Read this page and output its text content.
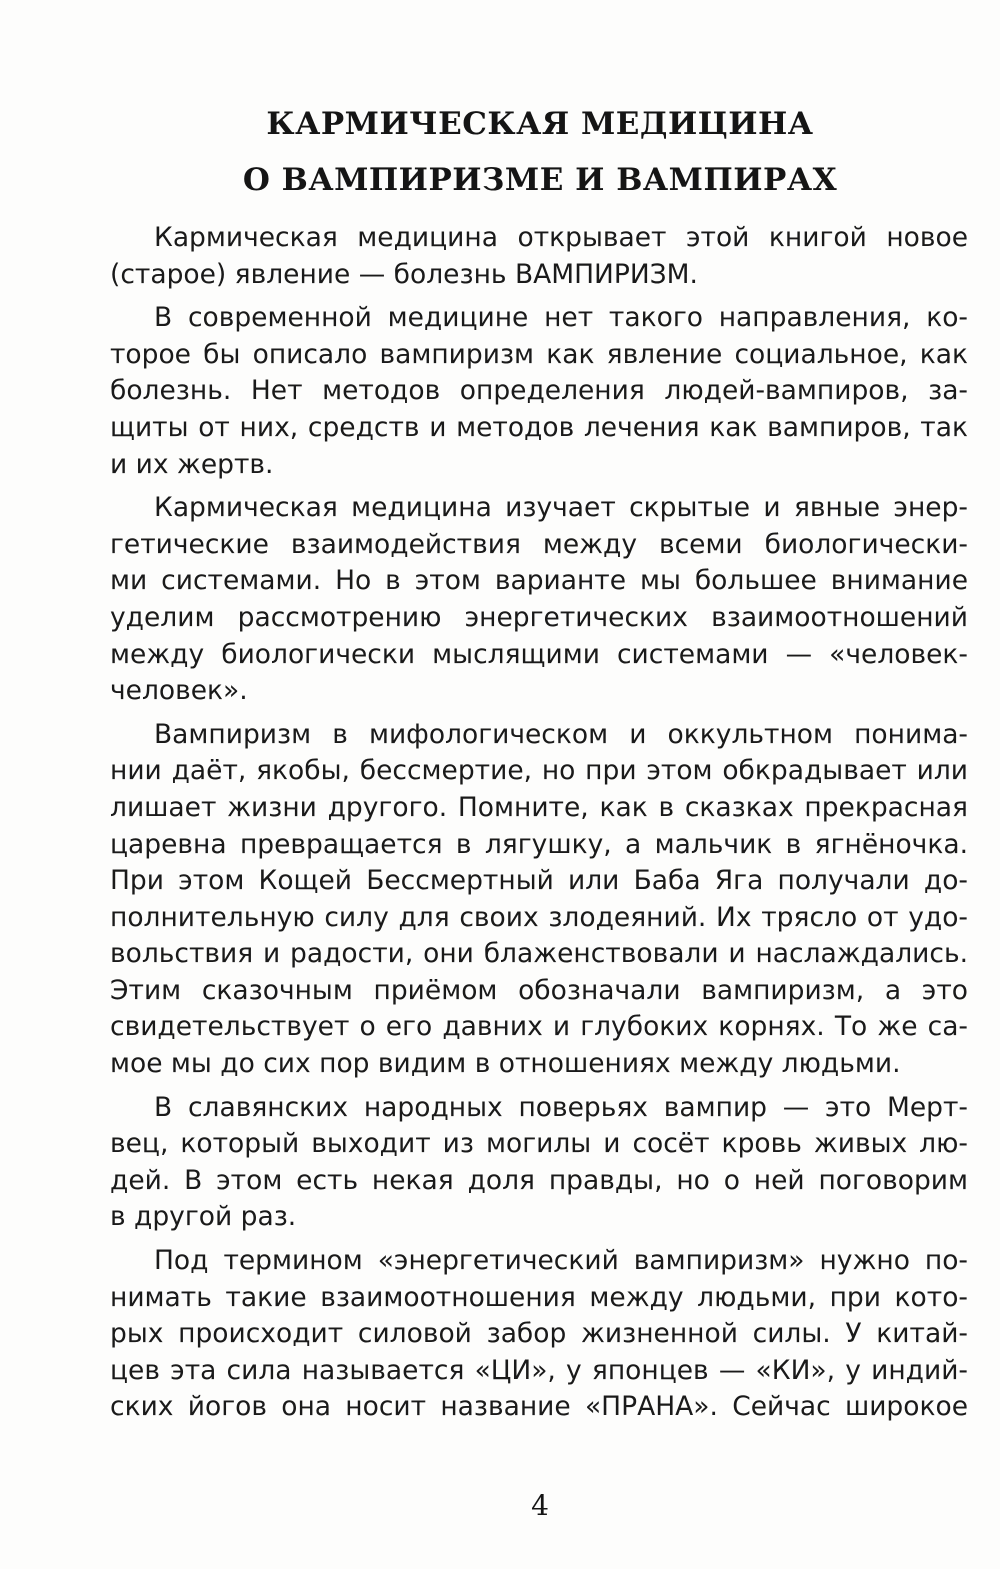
КАРМИЧЕСКАЯ МЕДИЦИНА
О ВАМПИРИЗМЕ И ВАМПИРАХ

Кармическая медицина открывает этой книгой новое
(старое) явление — болезнь ВАМПИРИЗМ.

В современной медицине нет такого направления, ко-
торое бы описало вампиризм как явление социальное, как
болезнь. Нет методов определения людей-вампиров, за-
щиты от них, средств и методов лечения как вампиров, так
и их жертв.

Кармическая медицина изучает скрытые и явные энер-
гетические взаимодействия между всеми биологически-
ми системами. Но в этом варианте мы большее внимание
уделим рассмотрению энергетических взаимоотношений
между биологически мыслящими системами — «человек-
человек».

Вампиризм в мифологическом и оккультном понима-
нии даёт, якобы, бессмертие, но при этом обкрадывает или
лишает жизни другого. Помните, как в сказках прекрасная
царевна превращается в лягушку, а мальчик в ягнёночка.
При этом Кощей Бессмертный или Баба Яга получали до-
полнительную силу для своих злодеяний. Их трясло от удо-
вольствия и радости, они блаженствовали и наслаждались.
Этим сказочным приёмом обозначали вампиризм, а это
свидетельствует о его давних и глубоких корнях. То же са-
мое мы до сих пор видим в отношениях между людьми.

В славянских народных поверьях вампир — это Мерт-
вец, который выходит из могилы и сосёт кровь живых лю-
дей. В этом есть некая доля правды, но о ней поговорим
в другой раз.

Под термином «энергетический вампиризм» нужно по-
нимать такие взаимоотношения между людьми, при кото-
рых происходит силовой забор жизненной силы. У китай-
цев эта сила называется «ЦИ», у японцев — «КИ», у индий-
ских йогов она носит название «ПРАНА». Сейчас широкое

4
